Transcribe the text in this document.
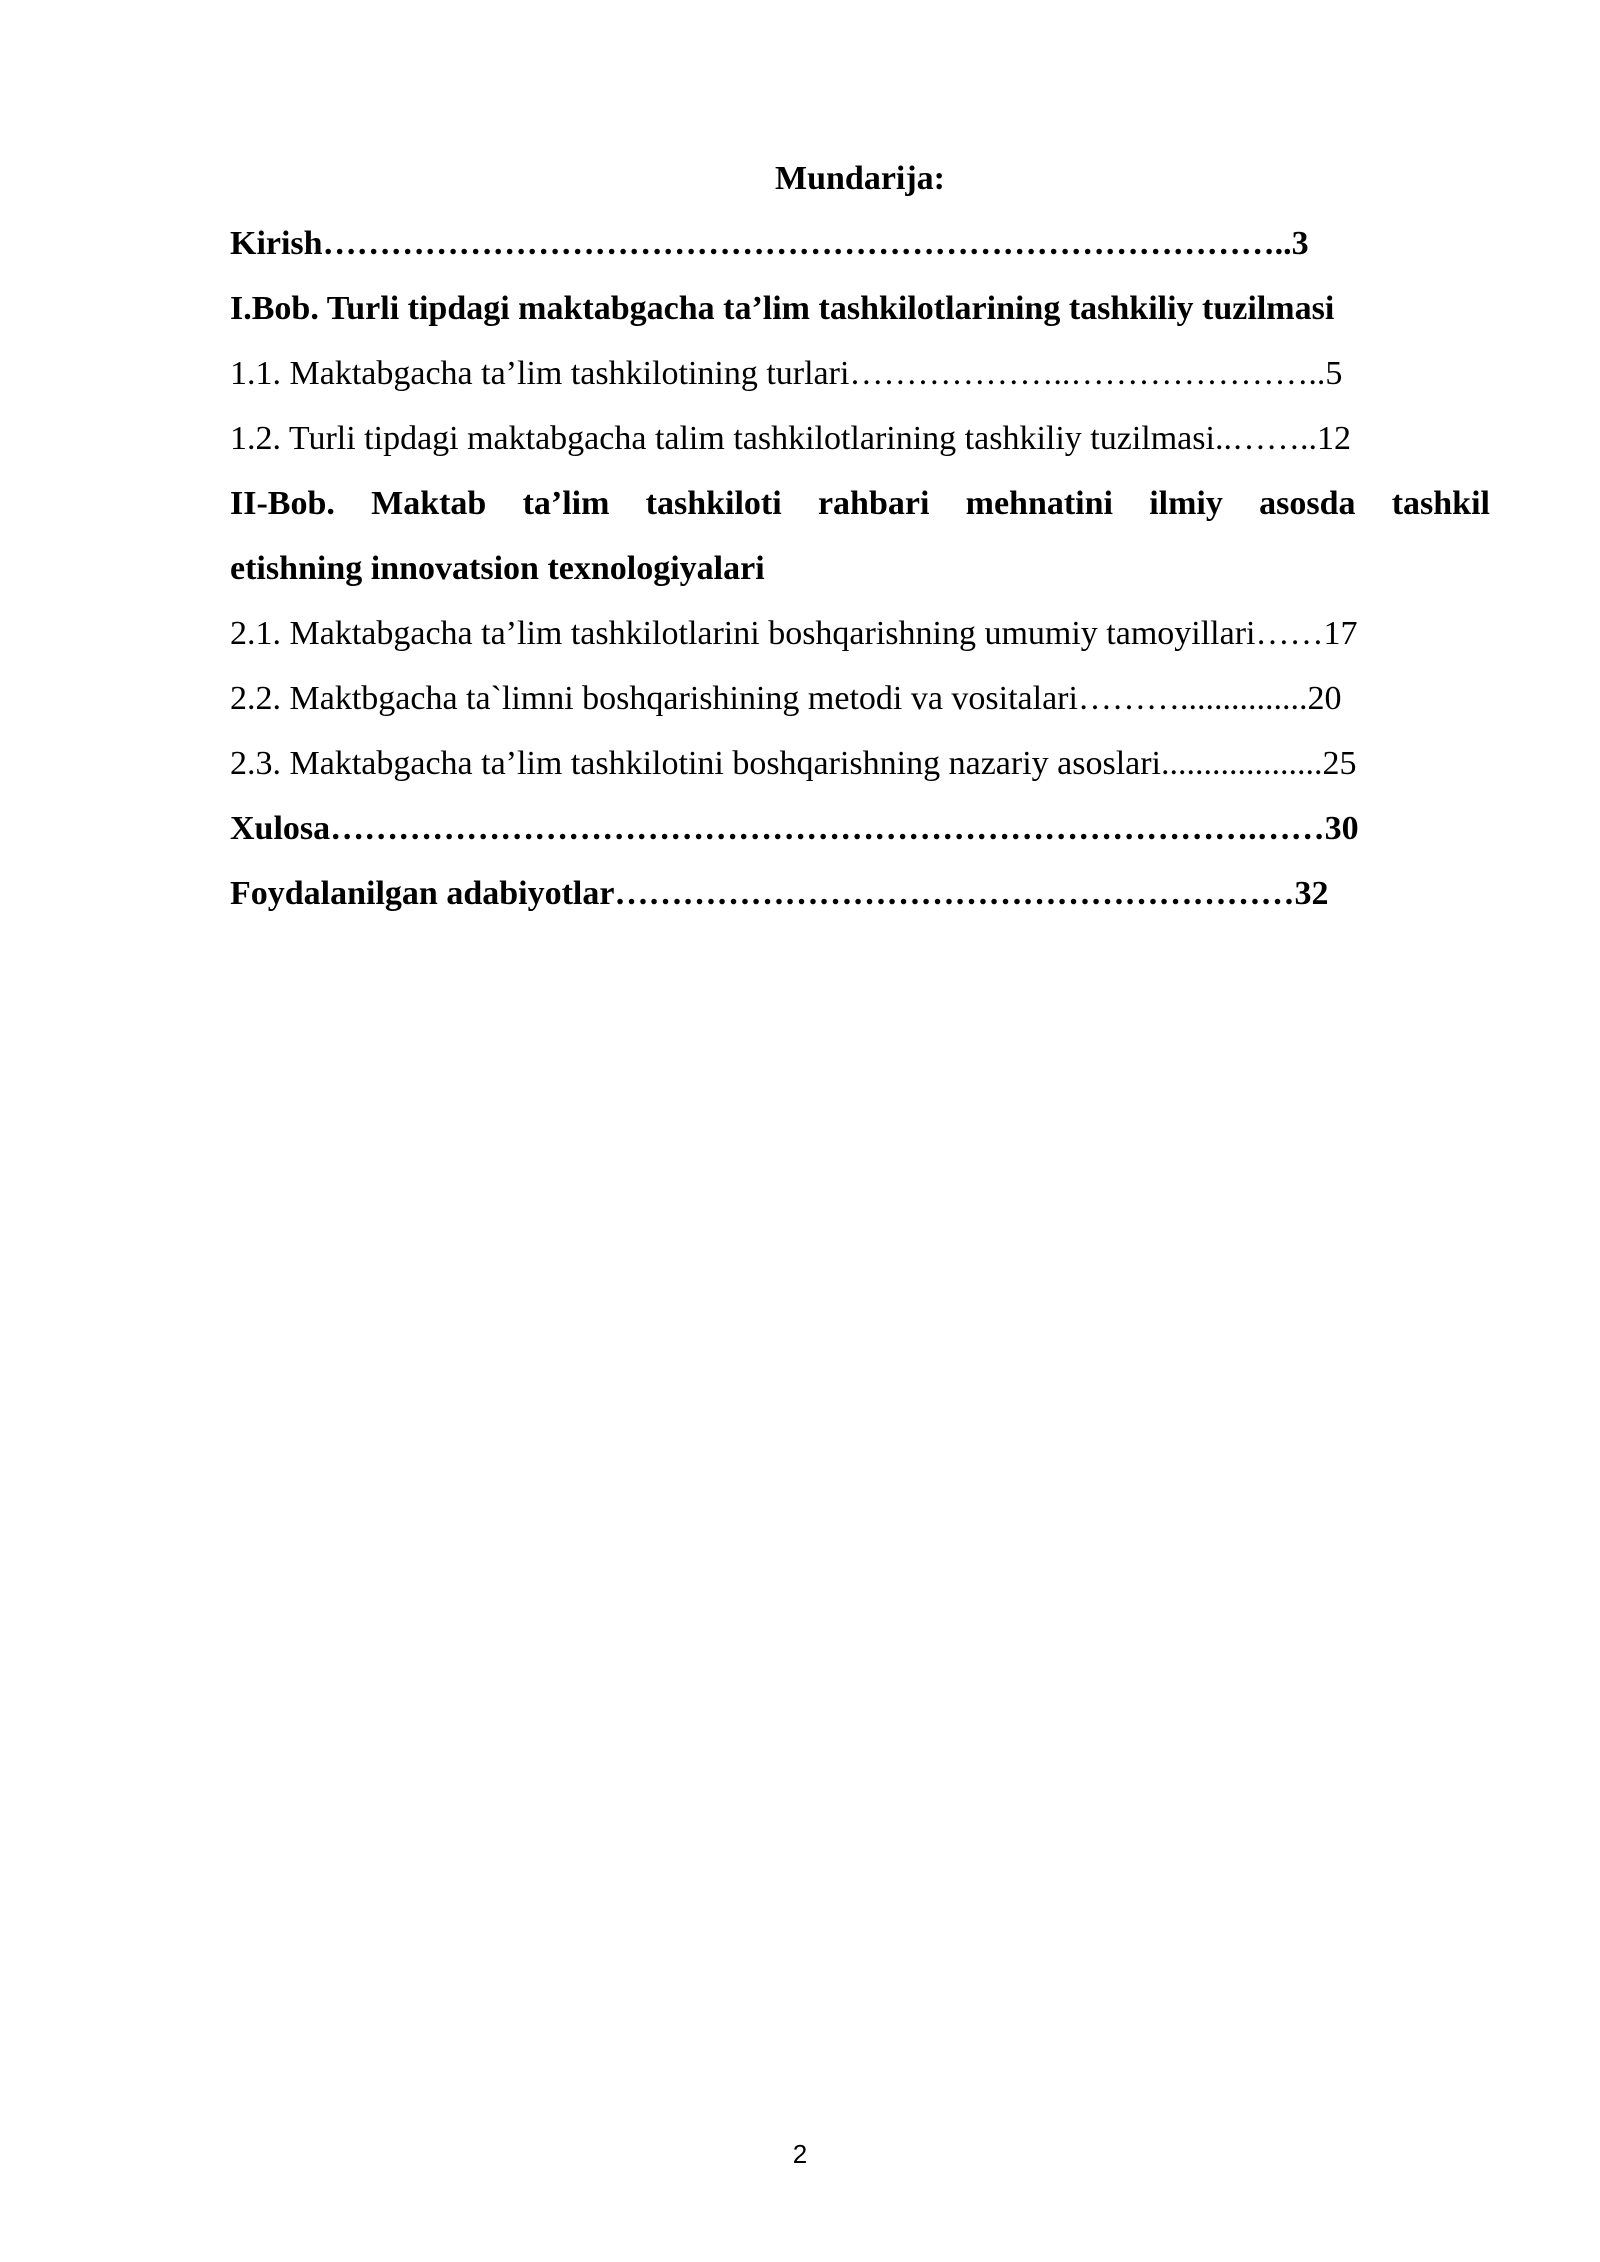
Mundarija:
Kirish…………………………………………………………………………..3
I.Bob. Turli tipdagi maktabgacha ta’lim tashkilotlarining tashkiliy tuzilmasi
1.1. Maktabgacha ta’lim tashkilotining turlari………………..…………………..5
1.2. Turli tipdagi maktabgacha talim tashkilotlarining tashkiliy tuzilmasi..……..12
II-Bob. Maktab ta’lim tashkiloti rahbari mehnatini ilmiy asosda tashkil
etishning innovatsion texnologiyalari
2.1. Maktabgacha ta’lim tashkilotlarini boshqarishning umumiy tamoyillari……17
2.2. Maktbgacha ta`limni boshqarishining metodi va vositalari………...............20
2.3. Maktabgacha ta’lim tashkilotini boshqarishning nazariy asoslari...................25
Xulosa……………………………………………………………………….……30
Foydalanilgan adabiyotlar……………………………………………………32
2
